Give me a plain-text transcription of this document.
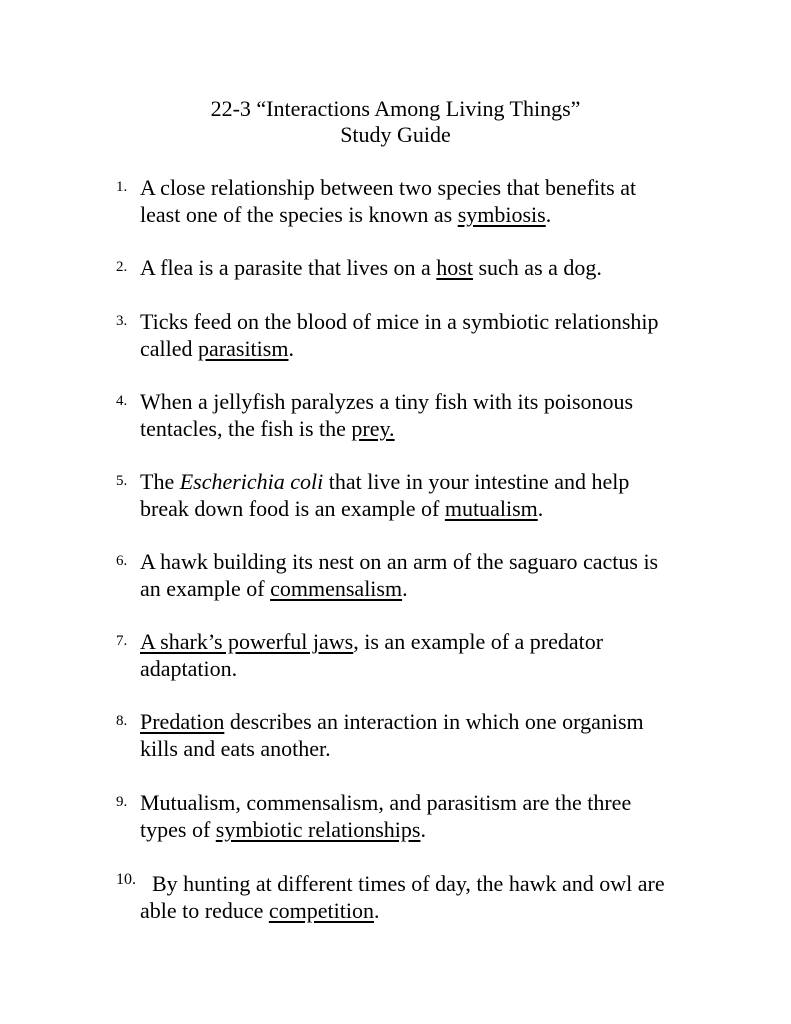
22-3 “Interactions Among Living Things”
Study Guide
1. A close relationship between two species that benefits at
least one of the species is known as symbiosis.
2. A flea is a parasite that lives on a host such as a dog.
3. Ticks feed on the blood of mice in a symbiotic relationship
called parasitism.
4. When a jellyfish paralyzes a tiny fish with its poisonous
tentacles, the fish is the prey.
5. The Escherichia coli that live in your intestine and help
break down food is an example of mutualism.
6. A hawk building its nest on an arm of the saguaro cactus is
an example of commensalism.
7. A shark’s powerful jaws, is an example of a predator
adaptation.
8. Predation describes an interaction in which one organism
kills and eats another.
9. Mutualism, commensalism, and parasitism are the three
types of symbiotic relationships.
10. By hunting at different times of day, the hawk and owl are
able to reduce competition.
